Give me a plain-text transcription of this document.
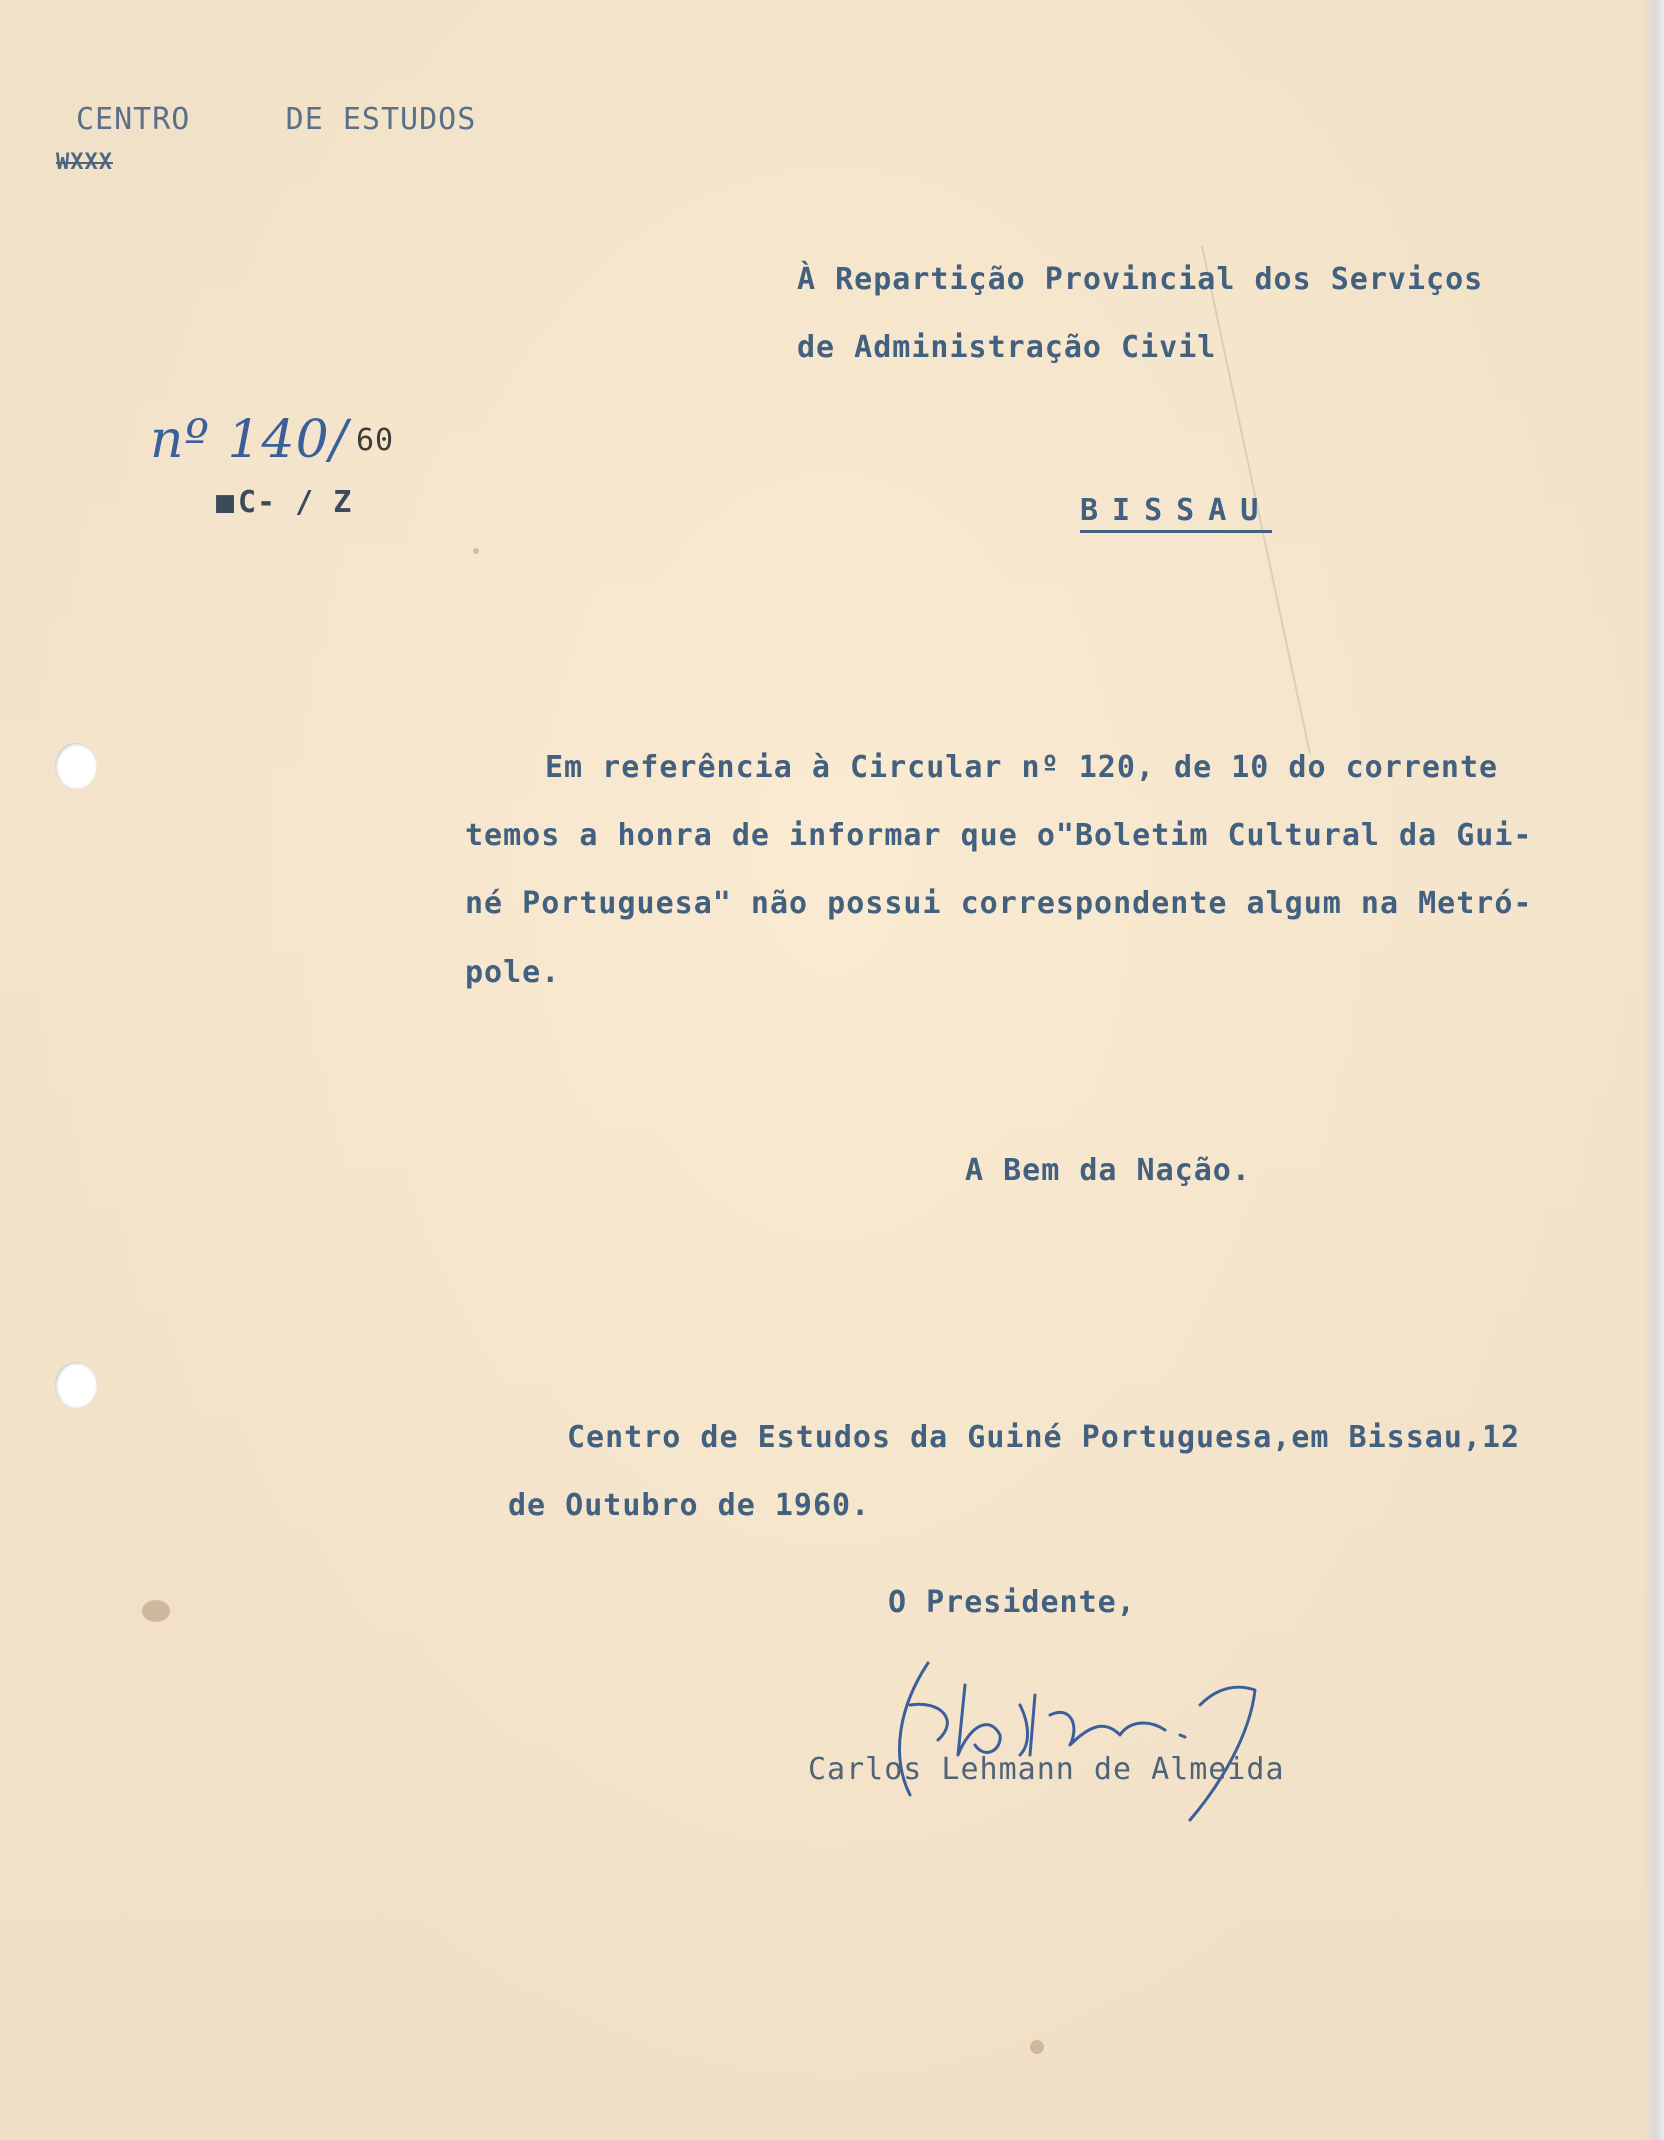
CENTRO     DE ESTUDOS
WXXX
nº 140/ 60
C- / Z
■
À Repartição Provincial dos Serviços
de Administração Civil
BISSAU
Em referência à Circular nº 120, de 10 do corrente
temos a honra de informar que o"Boletim Cultural da Gui-
né Portuguesa" não possui correspondente algum na Metró-
pole.
A Bem da Nação.
Centro de Estudos da Guiné Portuguesa,em Bissau,12
de Outubro de 1960.
O Presidente,
Carlos Lehmann de Almeida
